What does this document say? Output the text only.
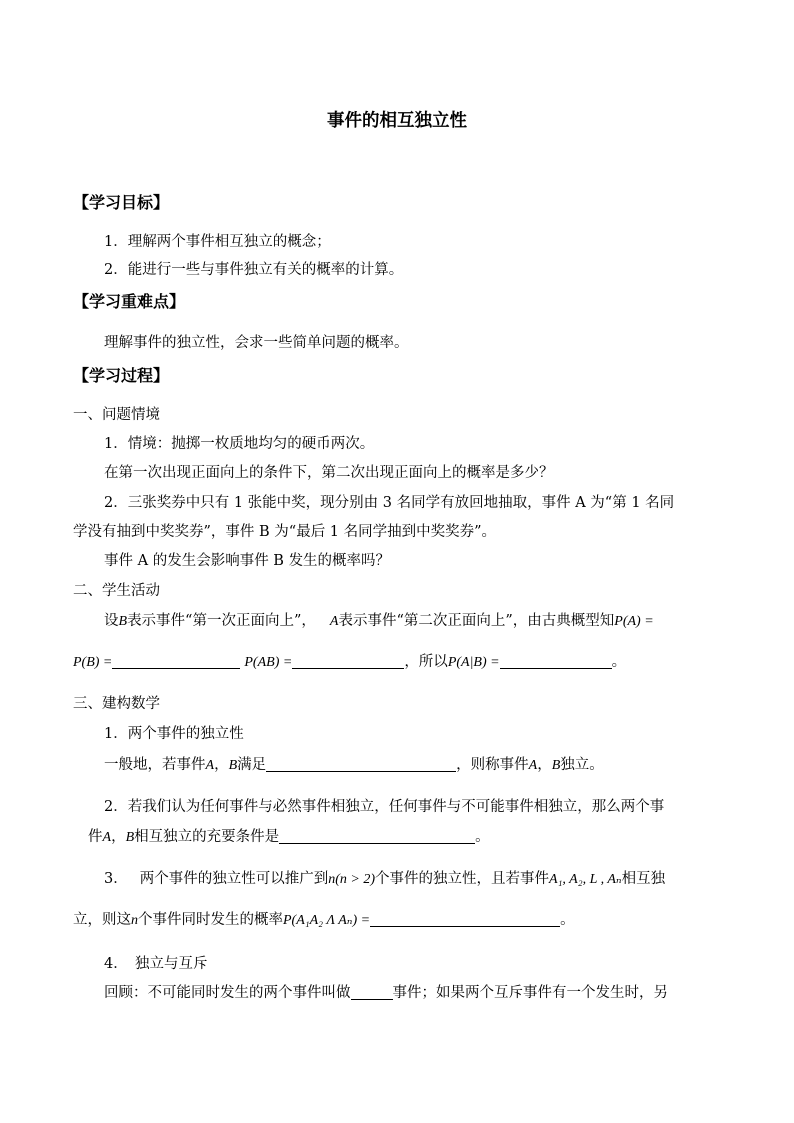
事件的相互独立性
【学习目标】
1．理解两个事件相互独立的概念；
2．能进行一些与事件独立有关的概率的计算。
【学习重难点】
理解事件的独立性，会求一些简单问题的概率。
【学习过程】
一、问题情境
1．情境：抛掷一枚质地均匀的硬币两次。
在第一次出现正面向上的条件下，第二次出现正面向上的概率是多少？
2．三张奖券中只有 1 张能中奖，现分别由 3 名同学有放回地抽取，事件 A 为“第 1 名同
学没有抽到中奖奖券”，事件 B 为“最后 1 名同学抽到中奖奖券”。
事件 A 的发生会影响事件 B 发生的概率吗？
二、学生活动
设B表示事件“第一次正面向上”， A表示事件“第二次正面向上”，由古典概型知P(A) =
P(B) =	P(AB) =	，所以P(A|B) =	。
三、建构数学
1．两个事件的独立性
一般地，若事件A，B满足	，则称事件A，B独立。
2．若我们认为任何事件与必然事件相独立，任何事件与不可能事件相独立，那么两个事
件A，B相互独立的充要条件是	。
3． 两个事件的独立性可以推广到n(n > 2)个事件的独立性，且若事件A₁, A₂, L , Aₙ相互独
立，则这n个事件同时发生的概率P(A₁A₂ Λ Aₙ) =	。
4．　独立与互斥
回顾：不可能同时发生的两个事件叫做	事件；如果两个互斥事件有一个发生时，另
